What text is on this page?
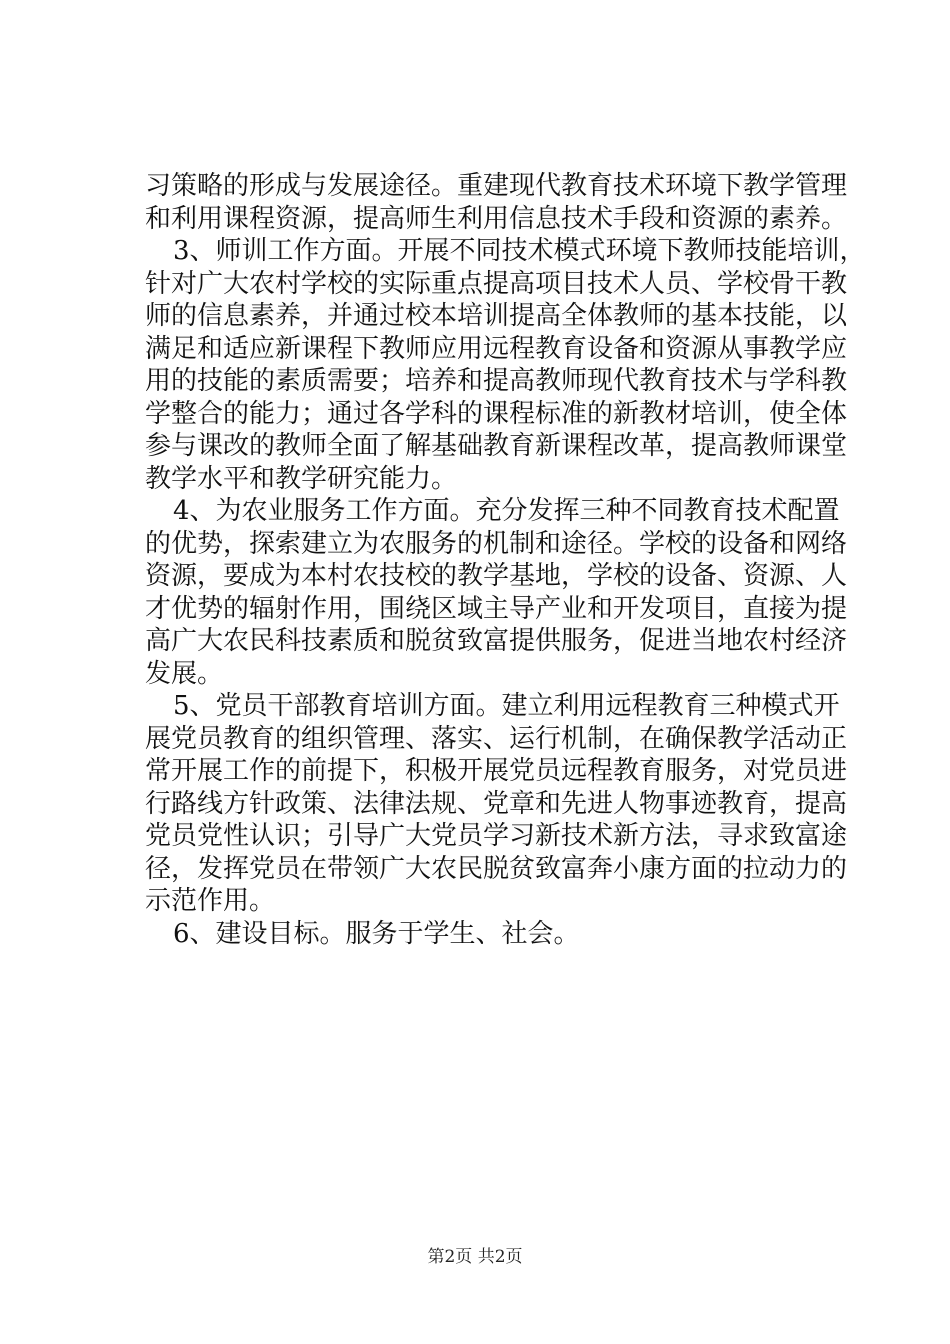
习策略的形成与发展途径。重建现代教育技术环境下教学管理
和利用课程资源，提高师生利用信息技术手段和资源的素养。
3、师训工作方面。开展不同技术模式环境下教师技能培训，
针对广大农村学校的实际重点提高项目技术人员、学校骨干教
师的信息素养，并通过校本培训提高全体教师的基本技能，以
满足和适应新课程下教师应用远程教育设备和资源从事教学应
用的技能的素质需要；培养和提高教师现代教育技术与学科教
学整合的能力；通过各学科的课程标准的新教材培训，使全体
参与课改的教师全面了解基础教育新课程改革，提高教师课堂
教学水平和教学研究能力。
4、为农业服务工作方面。充分发挥三种不同教育技术配置
的优势，探索建立为农服务的机制和途径。学校的设备和网络
资源，要成为本村农技校的教学基地，学校的设备、资源、人
才优势的辐射作用，围绕区域主导产业和开发项目，直接为提
高广大农民科技素质和脱贫致富提供服务，促进当地农村经济
发展。
5、党员干部教育培训方面。建立利用远程教育三种模式开
展党员教育的组织管理、落实、运行机制，在确保教学活动正
常开展工作的前提下，积极开展党员远程教育服务，对党员进
行路线方针政策、法律法规、党章和先进人物事迹教育，提高
党员党性认识；引导广大党员学习新技术新方法，寻求致富途
径，发挥党员在带领广大农民脱贫致富奔小康方面的拉动力的
示范作用。
6、建设目标。服务于学生、社会。
第2页 共2页
